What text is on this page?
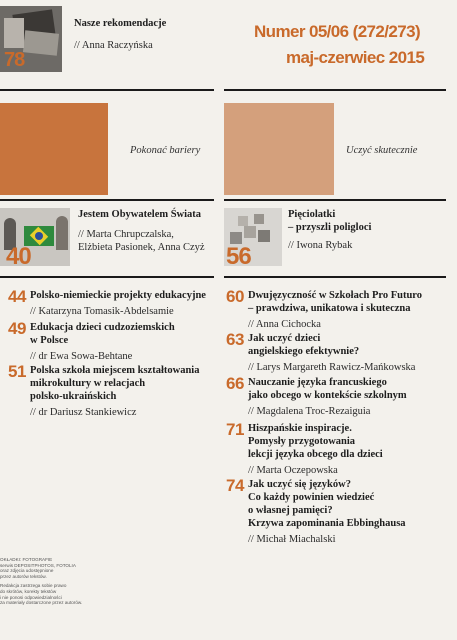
78
Nasze rekomendacje
// Anna Raczyńska
Numer 05/06 (272/273)
maj-czerwiec 2015
Pokonać bariery	Uczyć skutecznie
40
Jestem Obywatelem Świata
// Marta Chrupczalska,
Elżbieta Pasionek, Anna Czyż 56
Pięciolatki
– przyszli poligloci
// Iwona Rybak
44 Polsko-niemieckie projekty edukacyjne
// Katarzyna Tomasik-Abdelsamie
49 Edukacja dzieci cudzoziemskich
w Polsce
// dr Ewa Sowa-Behtane
51 Polska szkoła miejscem kształtowania
mikrokultury w relacjach
polsko-ukraińskich
// dr Dariusz Stankiewicz
60 Dwujęzyczność w Szkołach Pro Futuro
– prawdziwa, unikatowa i skuteczna
// Anna Cichocka
63 Jak uczyć dzieci
angielskiego efektywnie?
// Larys Margareth Rawicz-Mańkowska
66 Nauczanie języka francuskiego
jako obcego w kontekście szkolnym
// Magdalena Troc-Rezaiguia
71 Hiszpańskie inspiracje.
Pomysły przygotowania
lekcji języka obcego dla dzieci
// Marta Oczepowska
74 Jak uczyć się języków?
Co każdy powinien wiedzieć
o własnej pamięci?
Krzywa zapominania Ebbinghausa
// Michał Miachalski
OKŁADKI: FOTOGRAFIE
serwis DEPOSITPHOTOS, FOTOLIA
oraz zdjęcia udostępnione
przez autorów tekstów.
Redakcja zastrzega sobie prawo
do skrótów, korekty tekstów
i nie ponosi odpowiedzialności
za materiały dostarczone przez autorów.
